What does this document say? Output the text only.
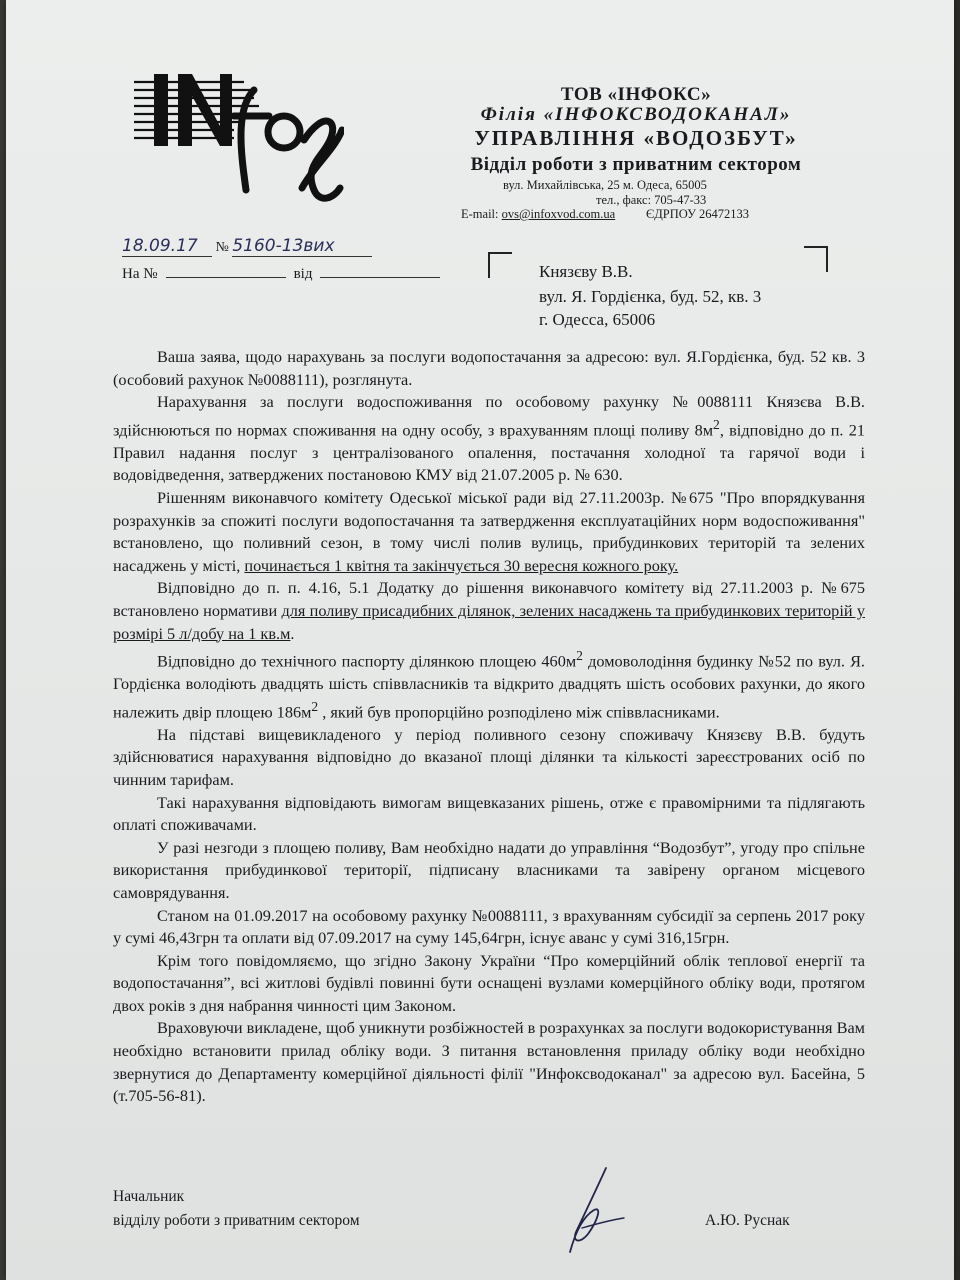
ТОВ «ІНФОКС»
Філія «ІНФОКСВОДОКАНАЛ»
УПРАВЛІННЯ «ВОДОЗБУТ»
Відділ роботи з приватним сектором
вул. Михайлівська, 25 м. Одеса, 65005
тел., факс: 705-47-33
E-mail: ovs@infoxvod.com.ua ЄДРПОУ 26472133
18.09.17 № 5160-13вих
На №	від	Князєву В.В.
вул. Я. Гордієнка, буд. 52, кв. 3
г. Одесса, 65006

Ваша заява, щодо нарахувань за послуги водопостачання за адресою: вул. Я.Гордієнка, буд. 52 кв. 3 (особовий рахунок №0088111), розглянута.

Нарахування за послуги водоспоживання по особовому рахунку №0088111 Князєва В.В. здійснюються по нормах споживання на одну особу, з врахуванням площі поливу $8м^2$, відповідно до п. 21 Правил надання послуг з централізованого опалення, постачання холодної та гарячої води і водовідведення, затверджених постановою КМУ від 21.07.2005 р. № 630.

Рішенням виконавчого комітету Одеської міської ради від 27.11.2003р. №675 "Про впорядкування розрахунків за спожиті послуги водопостачання та затвердження експлуатаційних норм водоспоживання" встановлено, що поливний сезон, в тому числі полив вулиць, прибудинкових територій та зелених насаджень у місті, починається 1 квітня та закінчується 30 вересня кожного року.

Відповідно до п. п. 4.16, 5.1 Додатку до рішення виконавчого комітету від 27.11.2003 р. №675 встановлено нормативи для поливу присадибних ділянок, зелених насаджень та прибудинкових територій у розмірі 5 л/добу на 1 кв.м.

Відповідно до технічного паспорту ділянкою площею $460м^2$ домоволодіння будинку №52 по вул. Я. Гордієнка володіють двадцять шість співвласників та відкрито двадцять шість особових рахунки, до якого належить двір площею $186м^2$ , який був пропорційно розподілено між співвласниками.

На підставі вищевикладеного у період поливного сезону споживачу Князєву В.В. будуть здійснюватися нарахування відповідно до вказаної площі ділянки та кількості зареєстрованих осіб по чинним тарифам.

Такі нарахування відповідають вимогам вищевказаних рішень, отже є правомірними та підлягають оплаті споживачами.

У разі незгоди з площею поливу, Вам необхідно надати до управління “Водозбут”, угоду про спільне використання прибудинкової території, підписану власниками та завірену органом місцевого самоврядування.

Станом на 01.09.2017 на особовому рахунку №0088111, з врахуванням субсидії за серпень 2017 року у сумі 46,43грн та оплати від 07.09.2017 на суму 145,64грн, існує аванс у сумі 316,15грн.

Крім того повідомляємо, що згідно Закону України “Про комерційний облік теплової енергії та водопостачання”, всі житлові будівлі повинні бути оснащені вузлами комерційного обліку води, протягом двох років з дня набрання чинності цим Законом.

Враховуючи викладене, щоб уникнути розбіжностей в розрахунках за послуги водокористування Вам необхідно встановити прилад обліку води. З питання встановлення приладу обліку води необхідно звернутися до Департаменту комерційної діяльності філії "Инфоксводоканал" за адресою вул. Басейна, 5 (т.705-56-81).

Начальник
відділу роботи з приватним сектором	А.Ю. Руснак
